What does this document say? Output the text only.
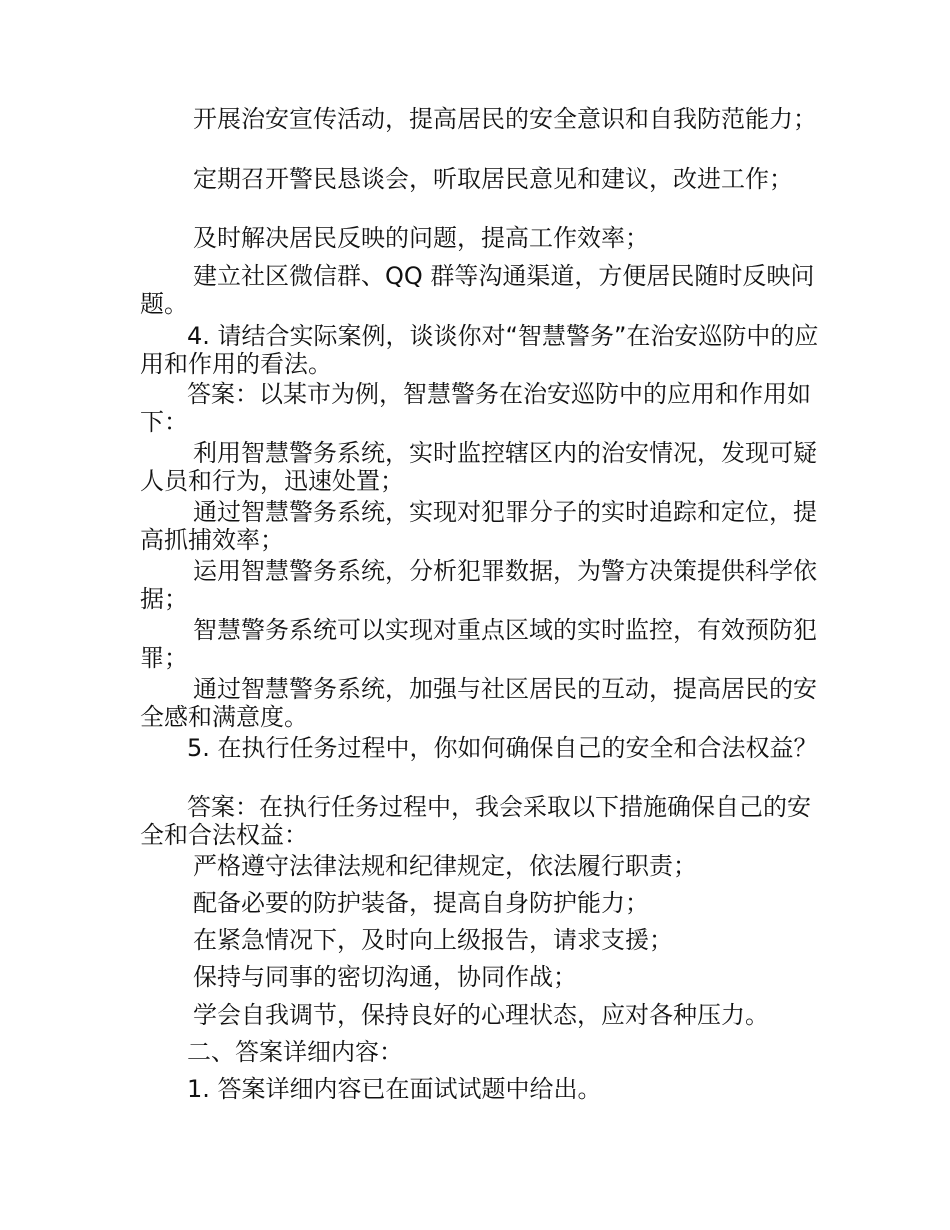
开展治安宣传活动，提高居民的安全意识和自我防范能力；

定期召开警民恳谈会，听取居民意见和建议，改进工作；

及时解决居民反映的问题，提高工作效率；

建立社区微信群、QQ 群等沟通渠道，方便居民随时反映问题。

4. 请结合实际案例，谈谈你对“智慧警务”在治安巡防中的应用和作用的看法。

答案：以某市为例，智慧警务在治安巡防中的应用和作用如下：

利用智慧警务系统，实时监控辖区内的治安情况，发现可疑人员和行为，迅速处置；

通过智慧警务系统，实现对犯罪分子的实时追踪和定位，提高抓捕效率；

运用智慧警务系统，分析犯罪数据，为警方决策提供科学依据；

智慧警务系统可以实现对重点区域的实时监控，有效预防犯罪；

通过智慧警务系统，加强与社区居民的互动，提高居民的安全感和满意度。

5. 在执行任务过程中，你如何确保自己的安全和合法权益？

答案：在执行任务过程中，我会采取以下措施确保自己的安全和合法权益：

严格遵守法律法规和纪律规定，依法履行职责；

配备必要的防护装备，提高自身防护能力；

在紧急情况下，及时向上级报告，请求支援；

保持与同事的密切沟通，协同作战；

学会自我调节，保持良好的心理状态，应对各种压力。

二、答案详细内容：

1. 答案详细内容已在面试试题中给出。
